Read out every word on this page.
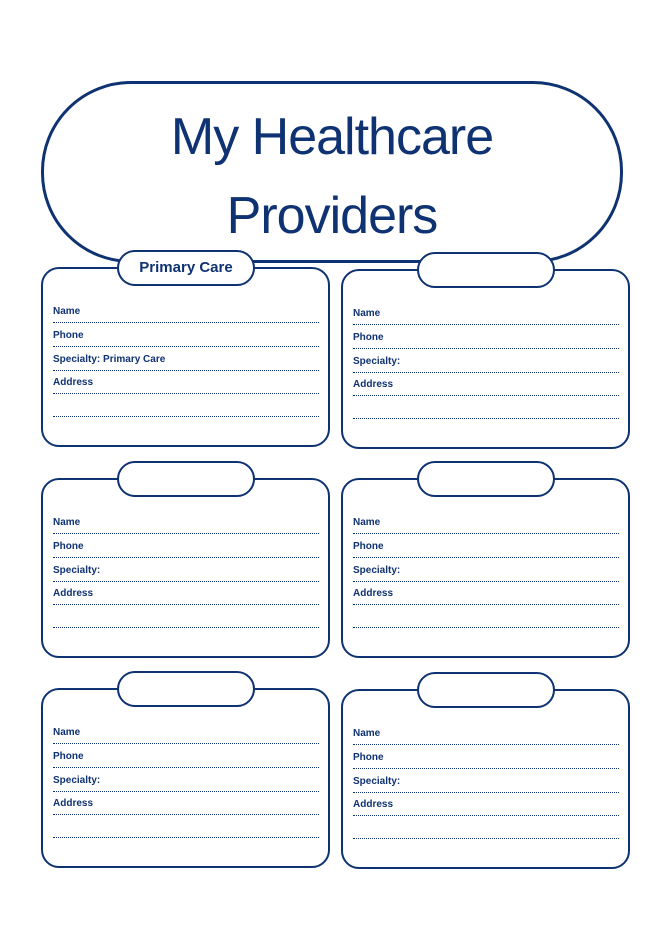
My Healthcare
Providers
Primary Care
Name
Phone
Specialty: Primary Care
Address
Name
Phone
Specialty:
Address
Name
Phone
Specialty:
Address
Name
Phone
Specialty:
Address
Name
Phone
Specialty:
Address
Name
Phone
Specialty:
Address
